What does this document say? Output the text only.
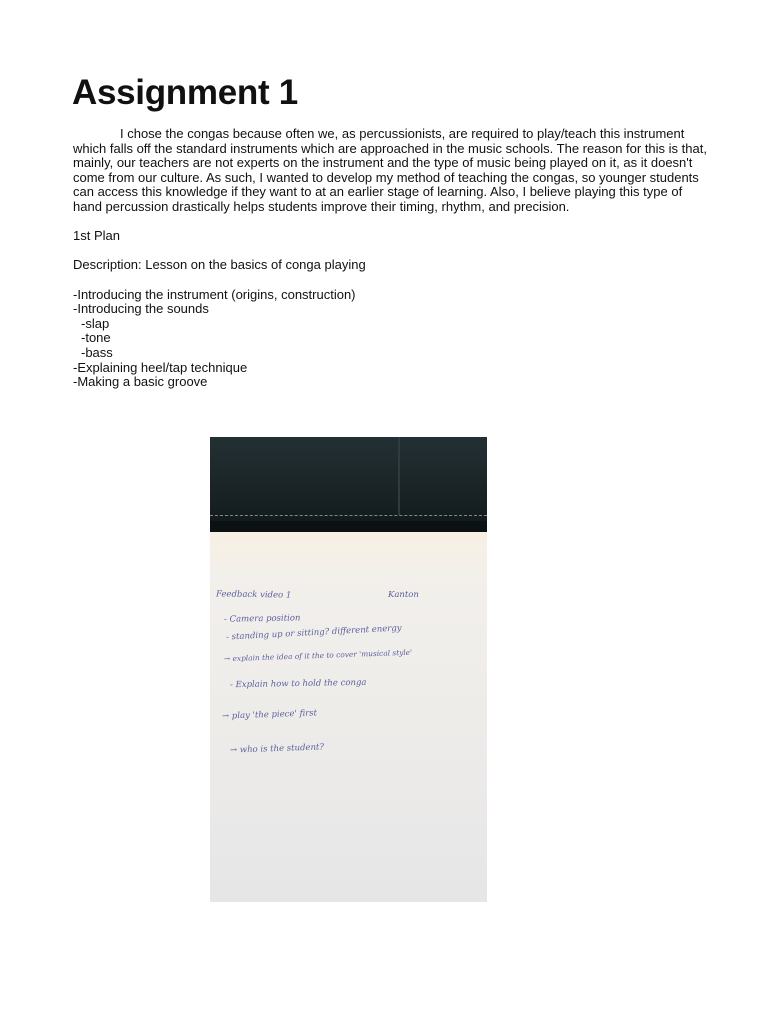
Assignment 1

I chose the congas because often we, as percussionists, are required to play/teach this instrument which falls off the standard instruments which are approached in the music schools. The reason for this is that, mainly, our teachers are not experts on the instrument and the type of music being played on it, as it doesn't come from our culture. As such, I wanted to develop my method of teaching the congas, so younger students can access this knowledge if they want to at an earlier stage of learning. Also, I believe playing this type of hand percussion drastically helps students improve their timing, rhythm, and precision.

1st Plan

Description: Lesson on the basics of conga playing

-Introducing the instrument (origins, construction)

-Introducing the sounds

-slap

-tone

-bass

-Explaining heel/tap technique

-Making a basic groove

Feedback video 1	Kanton
- Camera position
- standing up or sitting? different energy
→ explain the idea of it the to cover 'musical style'
- Explain how to hold the conga
→ play 'the piece' first
→ who is the student?
